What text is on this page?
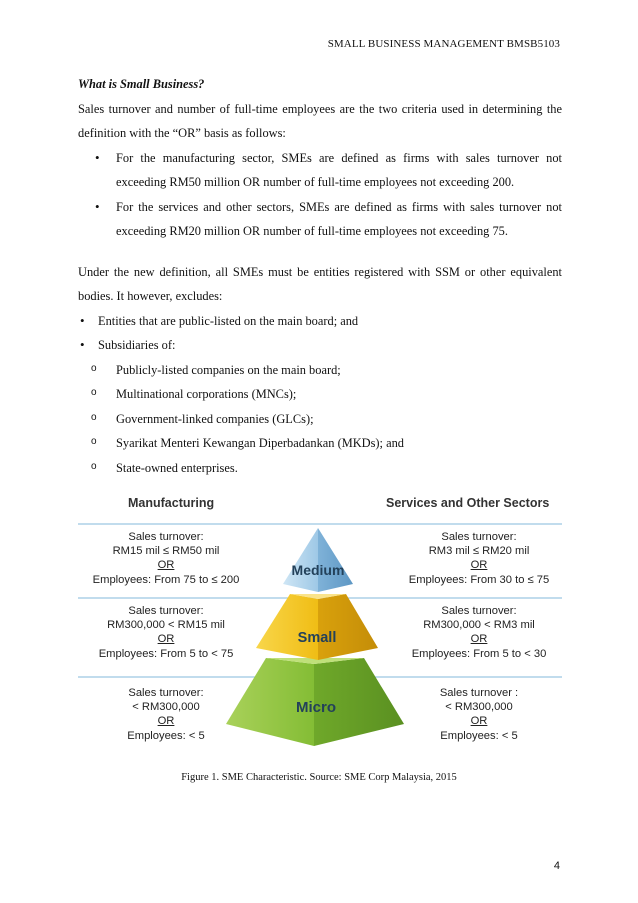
SMALL BUSINESS MANAGEMENT BMSB5103
What is Small Business?
Sales turnover and number of full-time employees are the two criteria used in determining the definition with the “OR” basis as follows:
• For the manufacturing sector, SMEs are defined as firms with sales turnover not exceeding RM50 million OR number of full-time employees not exceeding 200.
• For the services and other sectors, SMEs are defined as firms with sales turnover not exceeding RM20 million OR number of full-time employees not exceeding 75.
Under the new definition, all SMEs must be entities registered with SSM or other equivalent bodies. It however, excludes:
• Entities that are public-listed on the main board; and
• Subsidiaries of:
o Publicly-listed companies on the main board;
o Multinational corporations (MNCs);
o Government-linked companies (GLCs);
o Syarikat Menteri Kewangan Diperbadankan (MKDs); and
o State-owned enterprises.
Medium
Small
Micro
Manufacturing	Services and Other Sectors
Sales turnover:
RM15 mil ≤ RM50 mil
OR
Employees: From 75 to ≤ 200
Sales turnover:
RM300,000 < RM15 mil
OR
Employees: From 5 to < 75
Sales turnover:
< RM300,000
OR
Employees: < 5
Sales turnover:
RM3 mil ≤ RM20 mil
OR
Employees: From 30 to ≤ 75
Sales turnover:
RM300,000 < RM3 mil
OR
Employees: From 5 to < 30
Sales turnover :
< RM300,000
OR
Employees: < 5
Figure 1. SME Characteristic. Source: SME Corp Malaysia, 2015
4
